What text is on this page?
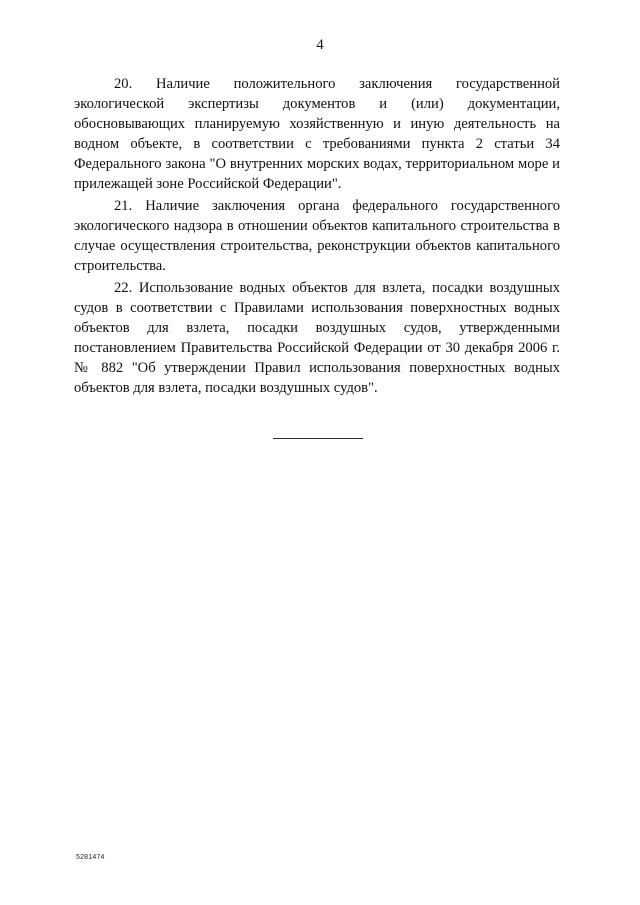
4

20. Наличие положительного заключения государственной экологической экспертизы документов и (или) документации, обосновывающих планируемую хозяйственную и иную деятельность на водном объекте, в соответствии с требованиями пункта 2 статьи 34 Федерального закона "О внутренних морских водах, территориальном море и прилежащей зоне Российской Федерации".

21. Наличие заключения органа федерального государственного экологического надзора в отношении объектов капитального строительства в случае осуществления строительства, реконструкции объектов капитального строительства.

22. Использование водных объектов для взлета, посадки воздушных судов в соответствии с Правилами использования поверхностных водных объектов для взлета, посадки воздушных судов, утвержденными постановлением Правительства Российской Федерации от 30 декабря 2006 г. № 882 "Об утверждении Правил использования поверхностных водных объектов для взлета, посадки воздушных судов".

5281474
